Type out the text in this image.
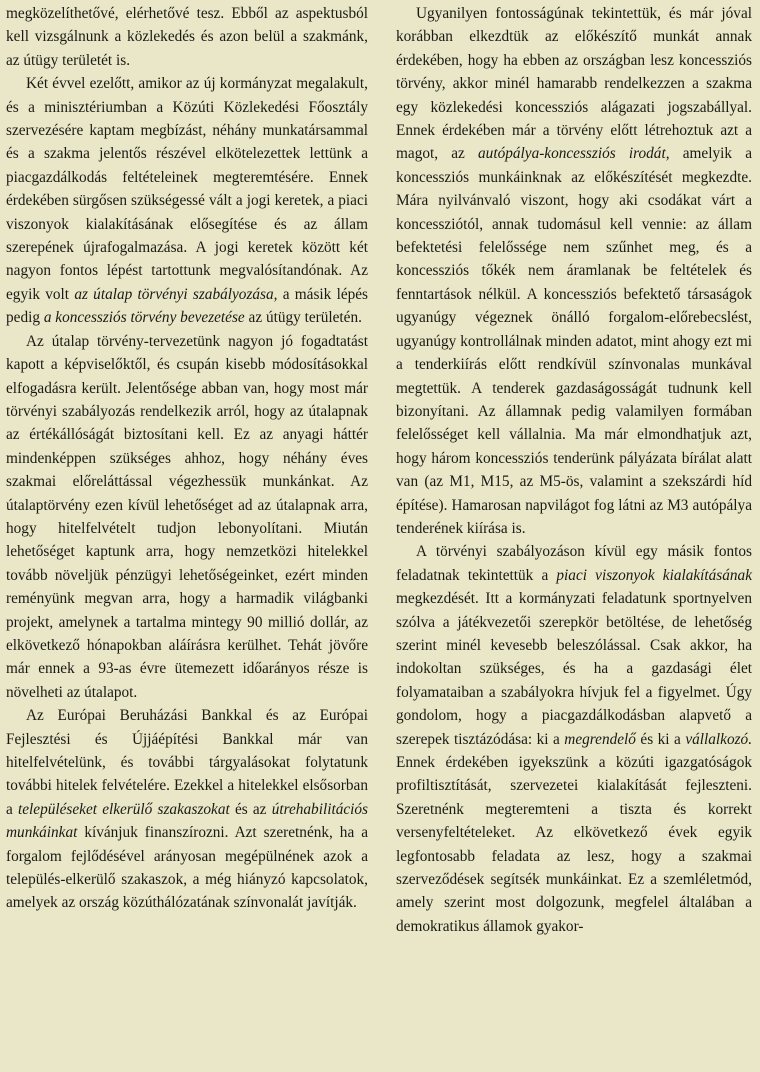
megközelíthetővé, elérhetővé tesz. Ebből az aspektusból kell vizsgálnunk a közlekedés és azon belül a szakmánk, az útügy területét is.

Két évvel ezelőtt, amikor az új kormányzat megalakult, és a minisztériumban a Közúti Közlekedési Főosztály szervezésére kaptam megbízást, néhány munkatársammal és a szakma jelentős részével elkötelezettek lettünk a piacgazdálkodás feltételeinek megteremtésére. Ennek érdekében sürgősen szükségessé vált a jogi keretek, a piaci viszonyok kialakításának elősegítése és az állam szerepének újrafogalmazása. A jogi keretek között két nagyon fontos lépést tartottunk megvalósítandónak. Az egyik volt az útalap törvényi szabályozása, a másik lépés pedig a koncessziós törvény bevezetése az útügy területén.

Az útalap törvény-tervezetünk nagyon jó fogadtatást kapott a képviselőktől, és csupán kisebb módosításokkal elfogadásra került. Jelentősége abban van, hogy most már törvényi szabályozás rendelkezik arról, hogy az útalapnak az értékállóságát biztosítani kell. Ez az anyagi háttér mindenképpen szükséges ahhoz, hogy néhány éves szakmai előreláttással végezhessük munkánkat. Az útalaptörvény ezen kívül lehetőséget ad az útalapnak arra, hogy hitelfelvételt tudjon lebonyolítani. Miután lehetőséget kaptunk arra, hogy nemzetközi hitelekkel tovább növeljük pénzügyi lehetőségeinket, ezért minden reményünk megvan arra, hogy a harmadik világbanki projekt, amelynek a tartalma mintegy 90 millió dollár, az elkövetkező hónapokban aláírásra kerülhet. Tehát jövőre már ennek a 93-as évre ütemezett időarányos része is növelheti az útalapot.

Az Európai Beruházási Bankkal és az Európai Fejlesztési és Újjáépítési Bankkal már van hitelfelvételünk, és további tárgyalásokat folytatunk további hitelek felvételére. Ezekkel a hitelekkel elsősorban a településeket elkerülő szakaszokat és az útrehabilitációs munkáinkat kívánjuk finanszírozni. Azt szeretnénk, ha a forgalom fejlődésével arányosan megépülnének azok a település-elkerülő szakaszok, a még hiányzó kapcsolatok, amelyek az ország közúthálózatának színvonalát javítják.

Ugyanilyen fontosságúnak tekintettük, és már jóval korábban elkezdtük az előkészítő munkát annak érdekében, hogy ha ebben az országban lesz koncessziós törvény, akkor minél hamarabb rendelkezzen a szakma egy közlekedési koncessziós alágazati jogszabállyal. Ennek érdekében már a törvény előtt létrehoztuk azt a magot, az autópálya-koncessziós irodát, amelyik a koncessziós munkáinknak az előkészítését megkezdte. Mára nyilvánvaló viszont, hogy aki csodákat várt a koncessziótól, annak tudomásul kell vennie: az állam befektetési felelőssége nem szűnhet meg, és a koncessziós tőkék nem áramlanak be feltételek és fenntartások nélkül. A koncessziós befektető társaságok ugyanúgy végeznek önálló forgalom-előrebecslést, ugyanúgy kontrollálnak minden adatot, mint ahogy ezt mi a tenderkiírás előtt rendkívül színvonalas munkával megtettük. A tenderek gazdaságosságát tudnunk kell bizonyítani. Az államnak pedig valamilyen formában felelősséget kell vállalnia. Ma már elmondhatjuk azt, hogy három koncessziós tenderünk pályázata bírálat alatt van (az M1, M15, az M5-ös, valamint a szekszárdi híd építése). Hamarosan napvilágot fog látni az M3 autópálya tenderének kiírása is.

A törvényi szabályozáson kívül egy másik fontos feladatnak tekintettük a piaci viszonyok kialakításának megkezdését. Itt a kormányzati feladatunk sportnyelven szólva a játékvezetői szerepkör betöltése, de lehetőség szerint minél kevesebb beleszólással. Csak akkor, ha indokoltan szükséges, és ha a gazdasági élet folyamataiban a szabályokra hívjuk fel a figyelmet. Úgy gondolom, hogy a piacgazdálkodásban alapvető a szerepek tisztázódása: ki a megrendelő és ki a vállalkozó. Ennek érdekében igyekszünk a közúti igazgatóságok profiltisztítását, szervezetei kialakítását fejleszteni. Szeretnénk megteremteni a tiszta és korrekt versenyfeltételeket. Az elkövetkező évek egyik legfontosabb feladata az lesz, hogy a szakmai szerveződések segítsék munkáinkat. Ez a szemléletmód, amely szerint most dolgozunk, megfelel általában a demokratikus államok gyakor-
